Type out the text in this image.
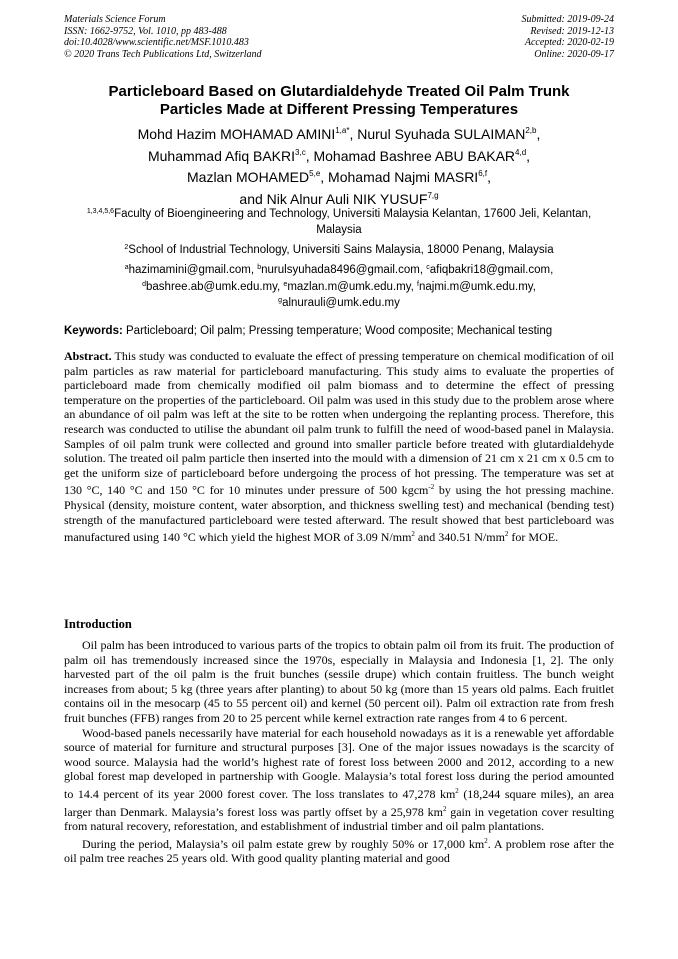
Materials Science Forum
ISSN: 1662-9752, Vol. 1010, pp 483-488
doi:10.4028/www.scientific.net/MSF.1010.483
© 2020 Trans Tech Publications Ltd, Switzerland
Submitted: 2019-09-24
Revised: 2019-12-13
Accepted: 2020-02-19
Online: 2020-09-17
Particleboard Based on Glutardialdehyde Treated Oil Palm Trunk
Particles Made at Different Pressing Temperatures
Mohd Hazim MOHAMAD $AMINI^{1,a*}$, Nurul Syuhada SULAIMAN$^{2,b}$,
Muhammad Afiq BAKRI$^{3,c}$, Mohamad Bashree ABU BAKAR$^{4,d}$,
Mazlan MOHAMED$^{5,e}$, Mohamad Najmi MASRI$^{6,f}$,
and Nik Alnur Auli NIK YUSUF$^{7,g}$
$^{1,3,4,5,6}$Faculty of Bioengineering and Technology, Universiti Malaysia Kelantan, 17600 Jeli, Kelantan, Malaysia
$^2$School of Industrial Technology, Universiti Sains Malaysia, 18000 Penang, Malaysia
$^a$hazimamini@gmail.com, $^b$nurulsyuhada8496@gmail.com, $^c$afiqbakri18@gmail.com,
$^d$bashree.ab@umk.edu.my, $^e$mazlan.m@umk.edu.my, $^f$najmi.m@umk.edu.my,
$^g$alnurauli@umk.edu.my
Keywords: Particleboard; Oil palm; Pressing temperature; Wood composite; Mechanical testing
Abstract. This study was conducted to evaluate the effect of pressing temperature on chemical modification of oil palm particles as raw material for particleboard manufacturing. This study aims to evaluate the properties of particleboard made from chemically modified oil palm biomass and to determine the effect of pressing temperature on the properties of the particleboard. Oil palm was used in this study due to the problem arose where an abundance of oil palm was left at the site to be rotten when undergoing the replanting process. Therefore, this research was conducted to utilise the abundant oil palm trunk to fulfill the need of wood-based panel in Malaysia. Samples of oil palm trunk were collected and ground into smaller particle before treated with glutardialdehyde solution. The treated oil palm particle then inserted into the mould with a dimension of 21 cm x 21 cm x 0.5 cm to get the uniform size of particleboard before undergoing the process of hot pressing. The temperature was set at 130 °C, 140 °C and 150 °C for 10 minutes under pressure of 500 kgcm$^{-2}$ by using the hot pressing machine. Physical (density, moisture content, water absorption, and thickness swelling test) and mechanical (bending test) strength of the manufactured particleboard were tested afterward. The result showed that best particleboard was manufactured using 140 °C which yield the highest MOR of 3.09 $N/mm^2$ and 340.51 $N/mm^2$ for MOE.
Introduction

Oil palm has been introduced to various parts of the tropics to obtain palm oil from its fruit. The production of palm oil has tremendously increased since the 1970s, especially in Malaysia and Indonesia [1, 2]. The only harvested part of the oil palm is the fruit bunches (sessile drupe) which contain fruitless. The bunch weight increases from about; 5 kg (three years after planting) to about 50 kg (more than 15 years old palms. Each fruitlet contains oil in the mesocarp (45 to 55 percent oil) and kernel (50 percent oil). Palm oil extraction rate from fresh fruit bunches (FFB) ranges from 20 to 25 percent while kernel extraction rate ranges from 4 to 6 percent.

Wood-based panels necessarily have material for each household nowadays as it is a renewable yet affordable source of material for furniture and structural purposes [3]. One of the major issues nowadays is the scarcity of wood source. Malaysia had the world’s highest rate of forest loss between 2000 and 2012, according to a new global forest map developed in partnership with Google. Malaysia’s total forest loss during the period amounted to 14.4 percent of its year 2000 forest cover. The loss translates to 47,278 $km^2$ (18,244 square miles), an area larger than Denmark. Malaysia’s forest loss was partly offset by a 25,978 $km^2$ gain in vegetation cover resulting from natural recovery, reforestation, and establishment of industrial timber and oil palm plantations.

During the period, Malaysia’s oil palm estate grew by roughly 50% or 17,000 $km^2$. A problem rose after the oil palm tree reaches 25 years old. With good quality planting material and good
